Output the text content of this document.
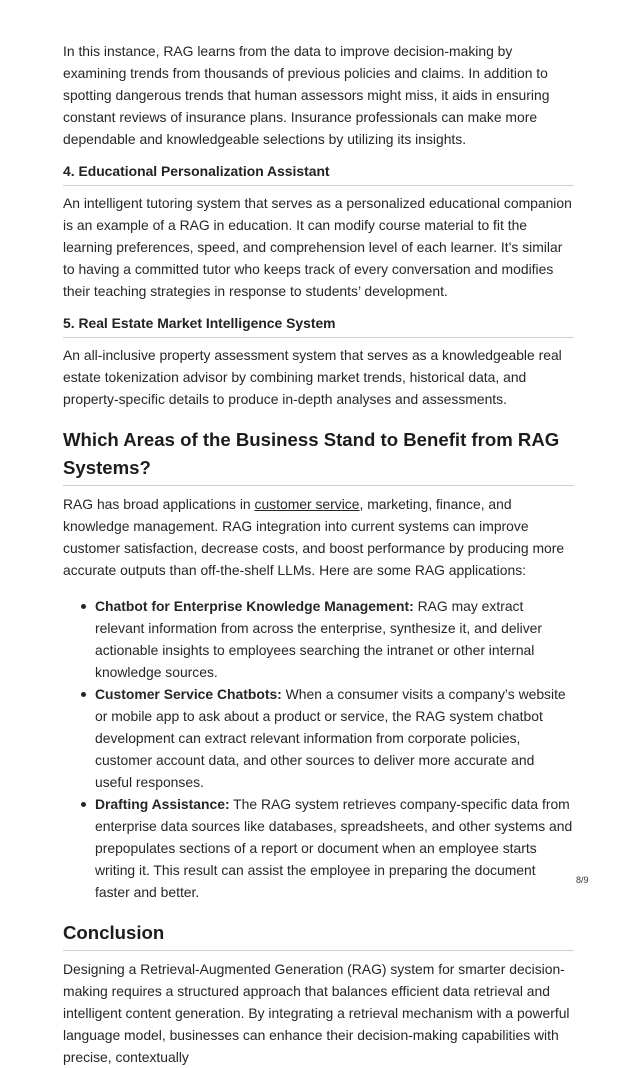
In this instance, RAG learns from the data to improve decision-making by examining trends from thousands of previous policies and claims. In addition to spotting dangerous trends that human assessors might miss, it aids in ensuring constant reviews of insurance plans. Insurance professionals can make more dependable and knowledgeable selections by utilizing its insights.

4. Educational Personalization Assistant

An intelligent tutoring system that serves as a personalized educational companion is an example of a RAG in education. It can modify course material to fit the learning preferences, speed, and comprehension level of each learner. It’s similar to having a committed tutor who keeps track of every conversation and modifies their teaching strategies in response to students’ development.

5. Real Estate Market Intelligence System

An all-inclusive property assessment system that serves as a knowledgeable real estate tokenization advisor by combining market trends, historical data, and property-specific details to produce in-depth analyses and assessments.

Which Areas of the Business Stand to Benefit from RAG Systems?

RAG has broad applications in customer service, marketing, finance, and knowledge management. RAG integration into current systems can improve customer satisfaction, decrease costs, and boost performance by producing more accurate outputs than off-the-shelf LLMs. Here are some RAG applications:

Chatbot for Enterprise Knowledge Management: RAG may extract relevant information from across the enterprise, synthesize it, and deliver actionable insights to employees searching the intranet or other internal knowledge sources.
Customer Service Chatbots: When a consumer visits a company’s website or mobile app to ask about a product or service, the RAG system chatbot development can extract relevant information from corporate policies, customer account data, and other sources to deliver more accurate and useful responses.
Drafting Assistance: The RAG system retrieves company-specific data from enterprise data sources like databases, spreadsheets, and other systems and prepopulates sections of a report or document when an employee starts writing it. This result can assist the employee in preparing the document faster and better.
Conclusion

Designing a Retrieval-Augmented Generation (RAG) system for smarter decision-making requires a structured approach that balances efficient data retrieval and intelligent content generation. By integrating a retrieval mechanism with a powerful language model, businesses can enhance their decision-making capabilities with precise, contextually

8/9
